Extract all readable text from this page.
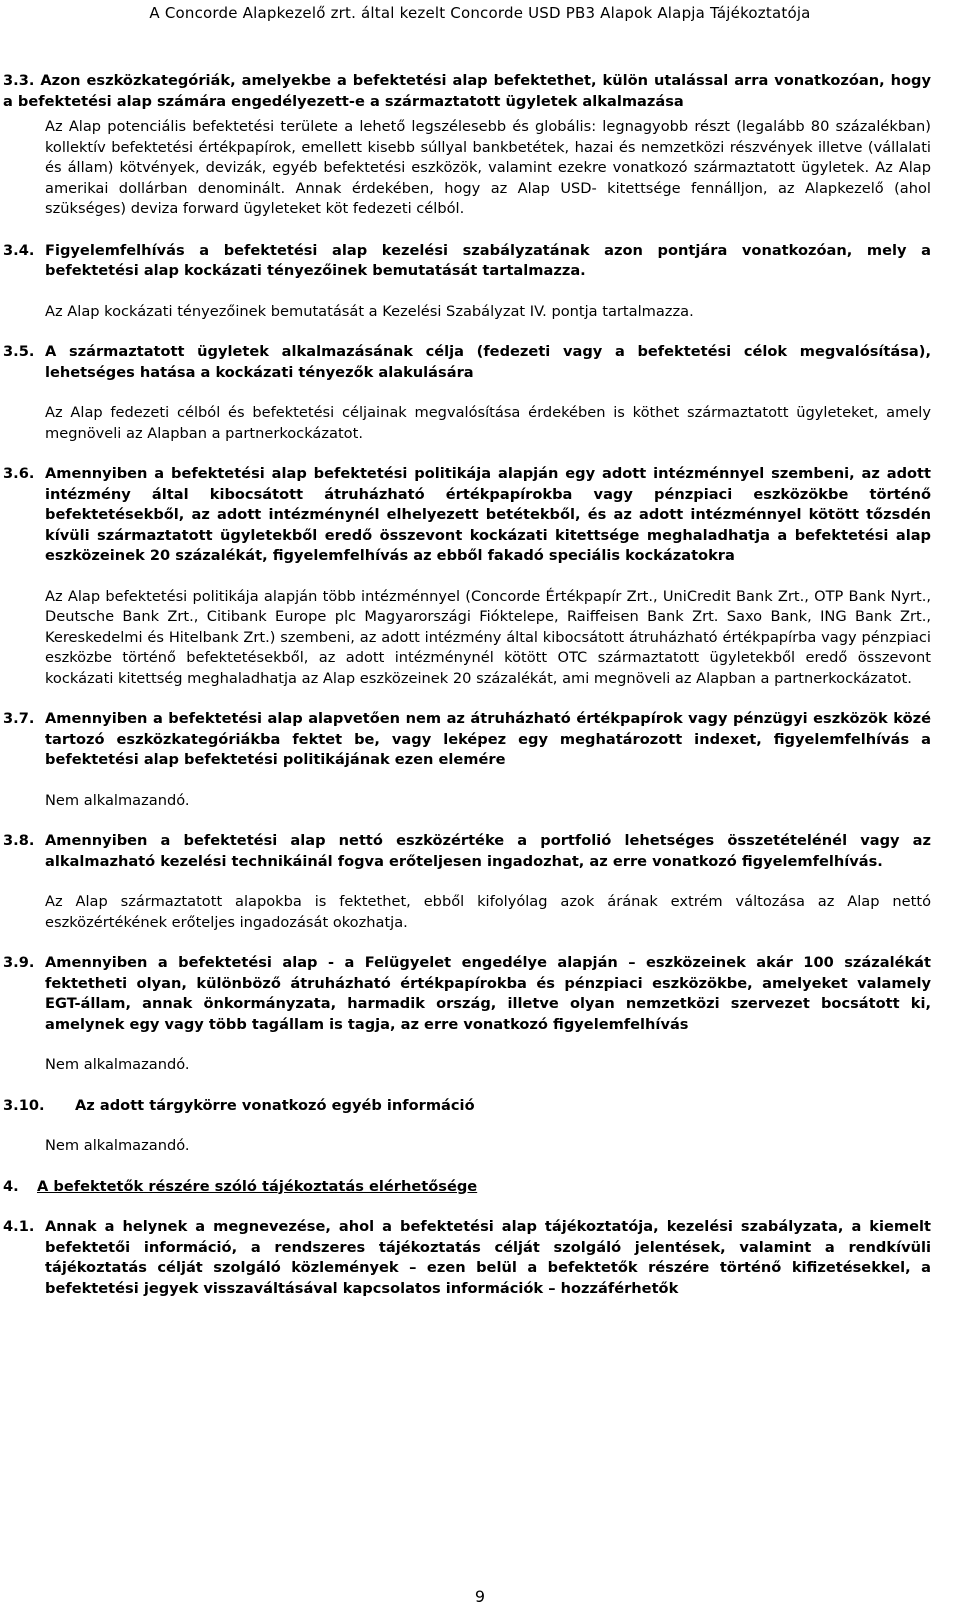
A Concorde Alapkezelő zrt. által kezelt Concorde USD PB3 Alapok Alapja Tájékoztatója
3.3. Azon eszközkategóriák, amelyekbe a befektetési alap befektethet, külön utalással arra vonatkozóan, hogy a befektetési alap számára engedélyezett-e a származtatott ügyletek alkalmazása
Az Alap potenciális befektetési területe a lehető legszélesebb és globális: legnagyobb részt (legalább 80 százalékban) kollektív befektetési értékpapírok, emellett kisebb súllyal bankbetétek, hazai és nemzetközi részvények illetve (vállalati és állam) kötvények, devizák, egyéb befektetési eszközök, valamint ezekre vonatkozó származtatott ügyletek. Az Alap amerikai dollárban denominált. Annak érdekében, hogy az Alap USD- kitettsége fennálljon, az Alapkezelő (ahol szükséges) deviza forward ügyleteket köt fedezeti célból.
3.4. Figyelemfelhívás a befektetési alap kezelési szabályzatának azon pontjára vonatkozóan, mely a befektetési alap kockázati tényezőinek bemutatását tartalmazza.
Az Alap kockázati tényezőinek bemutatását a Kezelési Szabályzat IV. pontja tartalmazza.
3.5. A származtatott ügyletek alkalmazásának célja (fedezeti vagy a befektetési célok megvalósítása), lehetséges hatása a kockázati tényezők alakulására
Az Alap fedezeti célból és befektetési céljainak megvalósítása érdekében is köthet származtatott ügyleteket, amely megnöveli az Alapban a partnerkockázatot.
3.6. Amennyiben a befektetési alap befektetési politikája alapján egy adott intézménnyel szembeni, az adott intézmény által kibocsátott átruházható értékpapírokba vagy pénzpiaci eszközökbe történő befektetésekből, az adott intézménynél elhelyezett betétekből, és az adott intézménnyel kötött tőzsdén kívüli származtatott ügyletekből eredő összevont kockázati kitettsége meghaladhatja a befektetési alap eszközeinek 20 százalékát, figyelemfelhívás az ebből fakadó speciális kockázatokra
Az Alap befektetési politikája alapján több intézménnyel (Concorde Értékpapír Zrt., UniCredit Bank Zrt., OTP Bank Nyrt., Deutsche Bank Zrt., Citibank Europe plc Magyarországi Fióktelepe, Raiffeisen Bank Zrt. Saxo Bank, ING Bank Zrt., Kereskedelmi és Hitelbank Zrt.) szembeni, az adott intézmény által kibocsátott átruházható értékpapírba vagy pénzpiaci eszközbe történő befektetésekből, az adott intézménynél kötött OTC származtatott ügyletekből eredő összevont kockázati kitettség meghaladhatja az Alap eszközeinek 20 százalékát, ami megnöveli az Alapban a partnerkockázatot.
3.7. Amennyiben a befektetési alap alapvetően nem az átruházható értékpapírok vagy pénzügyi eszközök közé tartozó eszközkategóriákba fektet be, vagy leképez egy meghatározott indexet, figyelemfelhívás a befektetési alap befektetési politikájának ezen elemére
Nem alkalmazandó.
3.8. Amennyiben a befektetési alap nettó eszközértéke a portfolió lehetséges összetételénél vagy az alkalmazható kezelési technikáinál fogva erőteljesen ingadozhat, az erre vonatkozó figyelemfelhívás.
Az Alap származtatott alapokba is fektethet, ebből kifolyólag azok árának extrém változása az Alap nettó eszközértékének erőteljes ingadozását okozhatja.
3.9. Amennyiben a befektetési alap - a Felügyelet engedélye alapján – eszközeinek akár 100 százalékát fektetheti olyan, különböző átruházható értékpapírokba és pénzpiaci eszközökbe, amelyeket valamely EGT-állam, annak önkormányzata, harmadik ország, illetve olyan nemzetközi szervezet bocsátott ki, amelynek egy vagy több tagállam is tagja, az erre vonatkozó figyelemfelhívás
Nem alkalmazandó.
3.10. Az adott tárgykörre vonatkozó egyéb információ
Nem alkalmazandó.
4. A befektetők részére szóló tájékoztatás elérhetősége
4.1. Annak a helynek a megnevezése, ahol a befektetési alap tájékoztatója, kezelési szabályzata, a kiemelt befektetői információ, a rendszeres tájékoztatás célját szolgáló jelentések, valamint a rendkívüli tájékoztatás célját szolgáló közlemények – ezen belül a befektetők részére történő kifizetésekkel, a befektetési jegyek visszaváltásával kapcsolatos információk – hozzáférhetők
9
